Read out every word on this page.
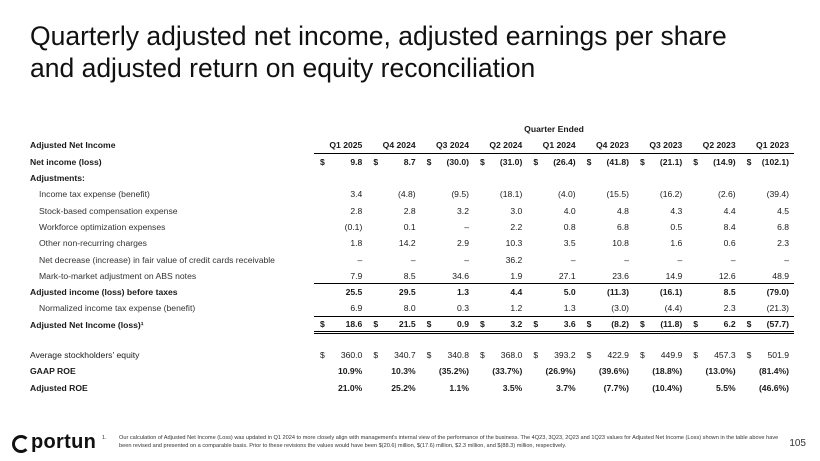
Quarterly adjusted net income, adjusted earnings per share
and adjusted return on equity reconciliation
	Quarter Ended								
Adjusted Net Income	Q1 2025	Q4 2024	Q3 2024	Q2 2024	Q1 2024	Q4 2023	Q3 2023	Q2 2023	Q1 2023
Net income (loss)	$ 9.8	$ 8.7	$ (30.0)	$ (31.0)	$ (26.4)	$ (41.8)	$ (21.1)	$ (14.9)	$ (102.1)
Adjustments:									
Income tax expense (benefit)	3.4	(4.8)	(9.5)	(18.1)	(4.0)	(15.5)	(16.2)	(2.6)	(39.4)
Stock-based compensation expense	2.8	2.8	3.2	3.0	4.0	4.8	4.3	4.4	4.5
Workforce optimization expenses	(0.1)	0.1	–	2.2	0.8	6.8	0.5	8.4	6.8
Other non-recurring charges	1.8	14.2	2.9	10.3	3.5	10.8	1.6	0.6	2.3
Net decrease (increase) in fair value of credit cards receivable	–	–	–	36.2	–	–	–	–	–
Mark-to-market adjustment on ABS notes	7.9	8.5	34.6	1.9	27.1	23.6	14.9	12.6	48.9
Adjusted income (loss) before taxes	25.5	29.5	1.3	4.4	5.0	(11.3)	(16.1)	8.5	(79.0)
Normalized income tax expense (benefit)	6.9	8.0	0.3	1.2	1.3	(3.0)	(4.4)	2.3	(21.3)
Adjusted Net Income (loss)¹	$ 18.6	$ 21.5	$ 0.9	$ 3.2	$ 3.6	$ (8.2)	$ (11.8)	$ 6.2	$ (57.7)

Average stockholders' equity	$ 360.0	$ 340.7	$ 340.8	$ 368.0	$ 393.2	$ 422.9	$ 449.9	$ 457.3	$ 501.9
GAAP ROE	10.9%	10.3%	(35.2%)	(33.7%)	(26.9%)	(39.6%)	(18.8%)	(13.0%)	(81.4%)
Adjusted ROE	21.0%	25.2%	1.1%	3.5%	3.7%	(7.7%)	(10.4%)	5.5%	(46.6%)
portun 1.	Our calculation of Adjusted Net Income (Loss) was updated in Q1 2024 to more closely align with management's internal view of the performance of the business. The 4Q23, 3Q23, 2Q23 and 1Q23 values for Adjusted Net Income (Loss) shown in the table above have been revised and presented on a comparable basis. Prior to these revisions the values would have been $(20.6) million, $(17.6) million, $2.3 million, and $(88.3) million, respectively.	105
